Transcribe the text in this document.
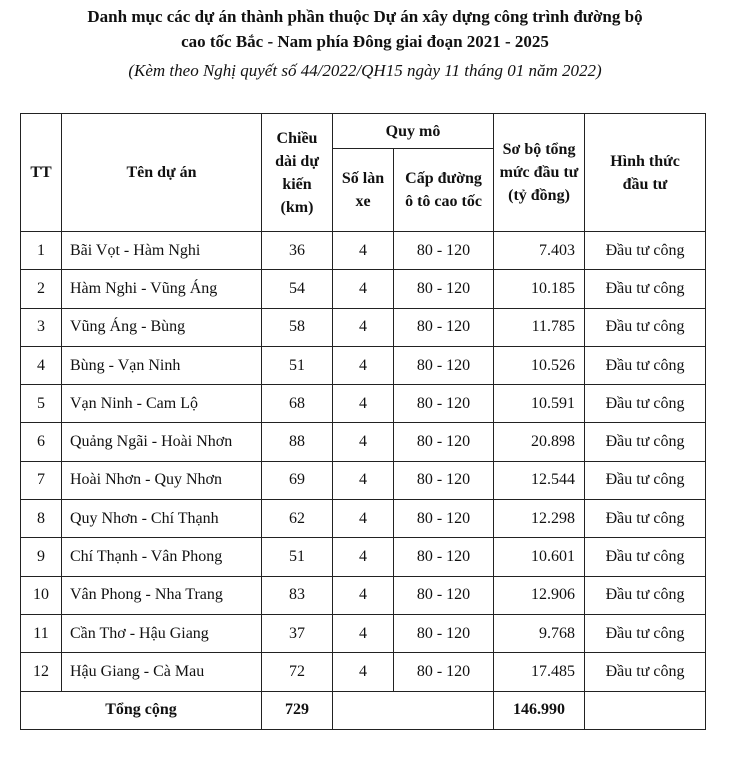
Danh mục các dự án thành phần thuộc Dự án xây dựng công trình đường bộ
cao tốc Bắc - Nam phía Đông giai đoạn 2021 - 2025
(Kèm theo Nghị quyết số 44/2022/QH15 ngày 11 tháng 01 năm 2022)
TT	Tên dự án	Chiều dài dự kiến (km)	Quy mô		Sơ bộ tổng mức đầu tư (tỷ đồng)	Hình thức đầu tư
			Số làn xe	Cấp đường ô tô cao tốc		
1	Bãi Vọt - Hàm Nghi	36	4	80 - 120	7.403	Đầu tư công
2	Hàm Nghi - Vũng Áng	54	4	80 - 120	10.185	Đầu tư công
3	Vũng Áng - Bùng	58	4	80 - 120	11.785	Đầu tư công
4	Bùng - Vạn Ninh	51	4	80 - 120	10.526	Đầu tư công
5	Vạn Ninh - Cam Lộ	68	4	80 - 120	10.591	Đầu tư công
6	Quảng Ngãi - Hoài Nhơn	88	4	80 - 120	20.898	Đầu tư công
7	Hoài Nhơn - Quy Nhơn	69	4	80 - 120	12.544	Đầu tư công
8	Quy Nhơn - Chí Thạnh	62	4	80 - 120	12.298	Đầu tư công
9	Chí Thạnh - Vân Phong	51	4	80 - 120	10.601	Đầu tư công
10	Vân Phong - Nha Trang	83	4	80 - 120	12.906	Đầu tư công
11	Cần Thơ - Hậu Giang	37	4	80 - 120	9.768	Đầu tư công
12	Hậu Giang - Cà Mau	72	4	80 - 120	17.485	Đầu tư công
Tổng cộng		729			146.990	
